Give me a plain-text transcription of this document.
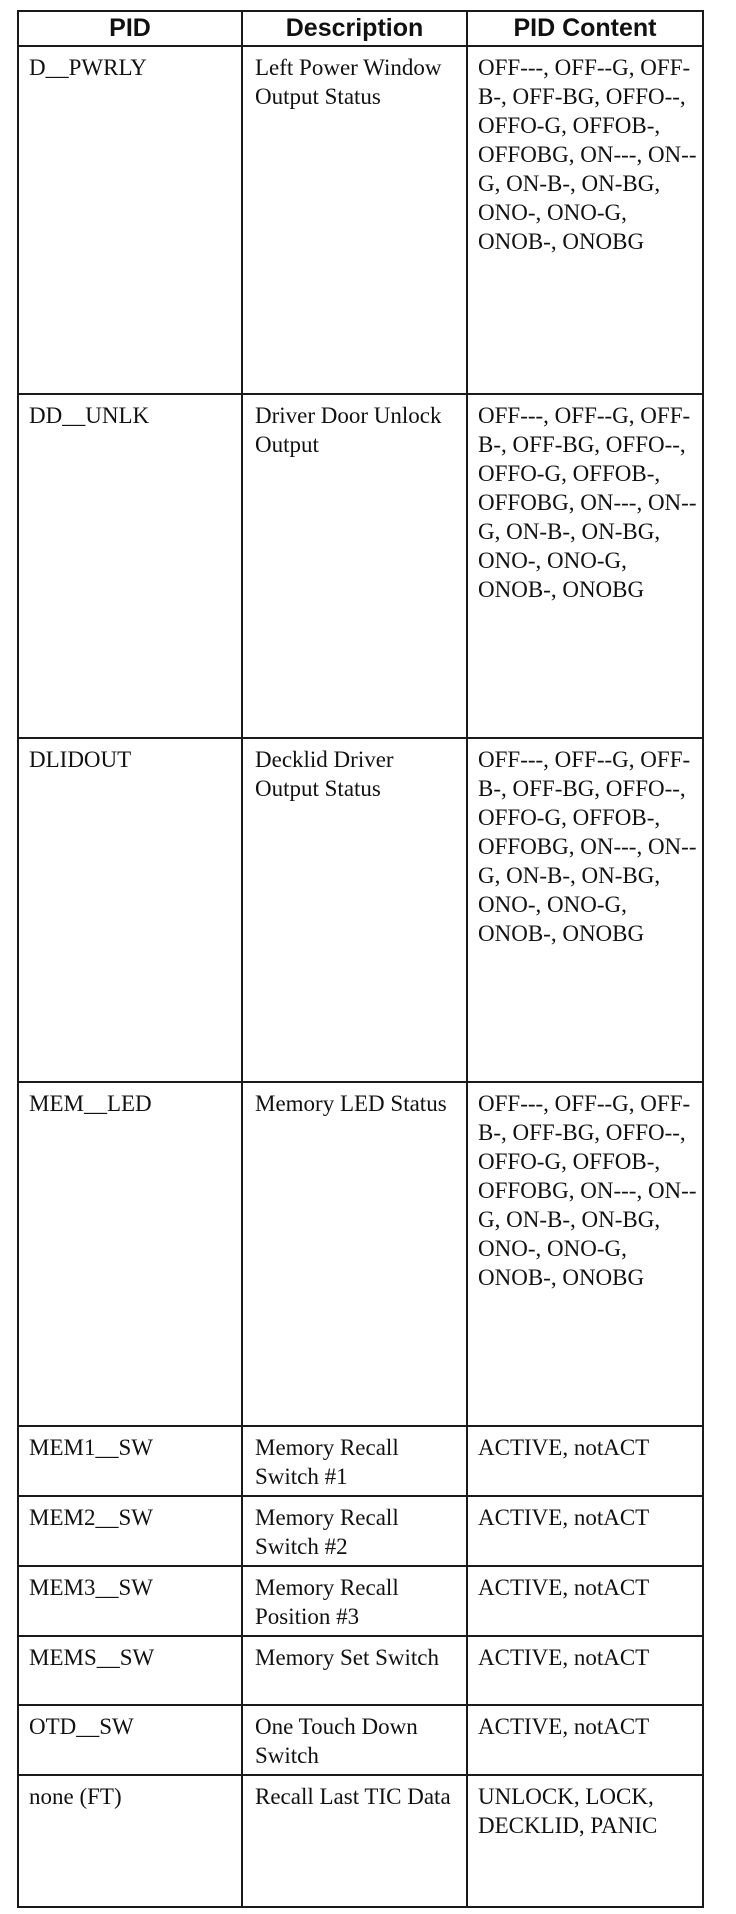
PID	Description	PID Content
D__PWRLY	Left Power Window Output Status	OFF---, OFF--G, OFF-B-, OFF-BG, OFFO--, OFFO-G, OFFOB-, OFFOBG, ON---, ON--G, ON-B-, ON-BG, ONO-, ONO-G, ONOB-, ONOBG
DD__UNLK	Driver Door Unlock Output	OFF---, OFF--G, OFF-B-, OFF-BG, OFFO--, OFFO-G, OFFOB-, OFFOBG, ON---, ON--G, ON-B-, ON-BG, ONO-, ONO-G, ONOB-, ONOBG
DLIDOUT	Decklid Driver Output Status	OFF---, OFF--G, OFF-B-, OFF-BG, OFFO--, OFFO-G, OFFOB-, OFFOBG, ON---, ON--G, ON-B-, ON-BG, ONO-, ONO-G, ONOB-, ONOBG
MEM__LED	Memory LED Status	OFF---, OFF--G, OFF-B-, OFF-BG, OFFO--, OFFO-G, OFFOB-, OFFOBG, ON---, ON--G, ON-B-, ON-BG, ONO-, ONO-G, ONOB-, ONOBG
MEM1__SW	Memory Recall Switch #1	ACTIVE, notACT
MEM2__SW	Memory Recall Switch #2	ACTIVE, notACT
MEM3__SW	Memory Recall Position #3	ACTIVE, notACT
MEMS__SW	Memory Set Switch	ACTIVE, notACT
OTD__SW	One Touch Down Switch	ACTIVE, notACT
none (FT)	Recall Last TIC Data	UNLOCK, LOCK, DECKLID, PANIC
